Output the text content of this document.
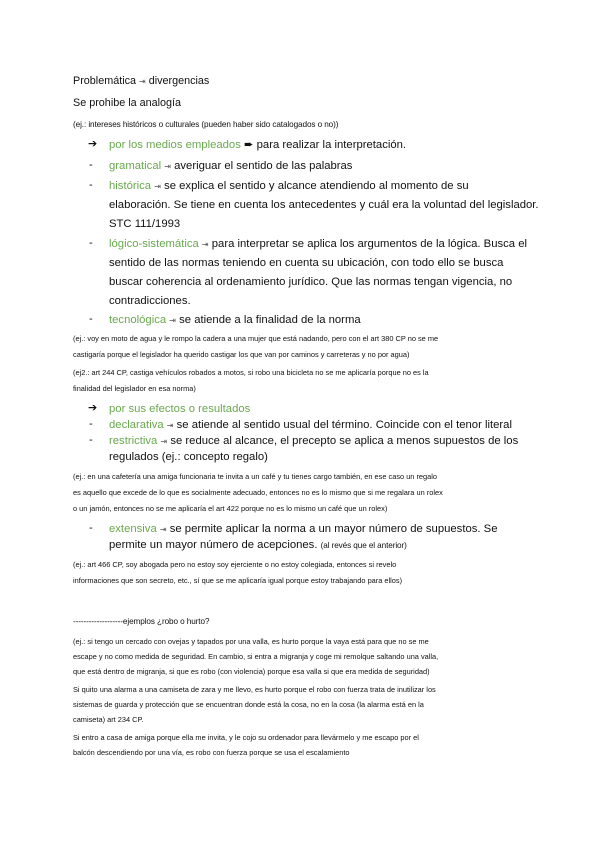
Problemática ⇥ divergencias
Se prohibe la analogía
(ej.: intereses históricos o culturales (pueden haber sido catalogados o no))
➔ por los medios empleados ➨ para realizar la interpretación.
- gramatical ⇥ averiguar el sentido de las palabras
- histórica ⇥ se explica el sentido y alcance atendiendo al momento de su
elaboración. Se tiene en cuenta los antecedentes y cuál era la voluntad del legislador.
STC 111/1993
- lógico-sistemática ⇥ para interpretar se aplica los argumentos de la lógica. Busca el
sentido de las normas teniendo en cuenta su ubicación, con todo ello se busca
buscar coherencia al ordenamiento jurídico. Que las normas tengan vigencia, no
contradicciones.
- tecnológica ⇥ se atiende a la finalidad de la norma
(ej.: voy en moto de agua y le rompo la cadera a una mujer que está nadando, pero con el art 380 CP no se me
castigaría porque el legislador ha querido castigar los que van por caminos y carreteras y no por agua)
(ej2.: art 244 CP, castiga vehículos robados a motos, si robo una bicicleta no se me aplicaría porque no es la
finalidad del legislador en esa norma)
➔ por sus efectos o resultados
- declarativa ⇥ se atiende al sentido usual del término. Coincide con el tenor literal
- restrictiva ⇥ se reduce al alcance, el precepto se aplica a menos supuestos de los
regulados (ej.: concepto regalo)
(ej.: en una cafetería una amiga funcionaria te invita a un café y tu tienes cargo también, en ese caso un regalo
es aquello que excede de lo que es socialmente adecuado, entonces no es lo mismo que si me regalara un rolex
o un jamón, entonces no se me aplicaría el art 422 porque no es lo mismo un café que un rolex)
- extensiva ⇥ se permite aplicar la norma a un mayor número de supuestos. Se
permite un mayor número de acepciones. (al revés que el anterior)
(ej.: art 466 CP, soy abogada pero no estoy soy ejerciente o no estoy colegiada, entonces si revelo
informaciones que son secreto, etc., sí que se me aplicaría igual porque estoy trabajando para ellos)
-------------------ejemplos ¿robo o hurto?
(ej.: si tengo un cercado con ovejas y tapados por una valla, es hurto porque la vaya está para que no se me
escape y no como medida de seguridad. En cambio, si entra a migranja y coge mi remolque saltando una valla,
que está dentro de migranja, si que es robo (con violencia) porque esa valla si que era medida de seguridad)
Si quito una alarma a una camiseta de zara y me llevo, es hurto porque el robo con fuerza trata de inutilizar los
sistemas de guarda y protección que se encuentran donde está la cosa, no en la cosa (la alarma está en la
camiseta) art 234 CP.
Si entro a casa de amiga porque ella me invita, y le cojo su ordenador para llevármelo y me escapo por el
balcón descendiendo por una vía, es robo con fuerza porque se usa el escalamiento
